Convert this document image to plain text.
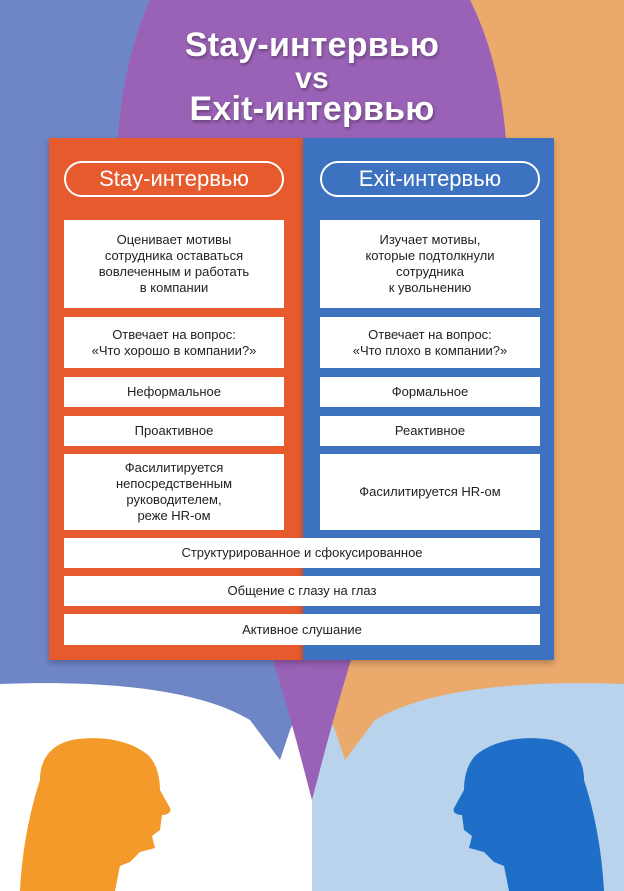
Stay-интервью
vs
Exit-интервью
Stay-интервью	Exit-интервью
Оценивает мотивы
сотрудника оставаться
вовлеченным и работать
в компании
Отвечает на вопрос:
«Что хорошо в компании?»
Неформальное
Проактивное
Фасилитируется
непосредственным
руководителем,
реже HR-ом
Изучает мотивы,
которые подтолкнули
сотрудника
к увольнению
Отвечает на вопрос:
«Что плохо в компании?»
Формальное
Реактивное
Фасилитируется HR-ом
Структурированное и сфокусированное
Общение с глазу на глаз
Активное слушание
